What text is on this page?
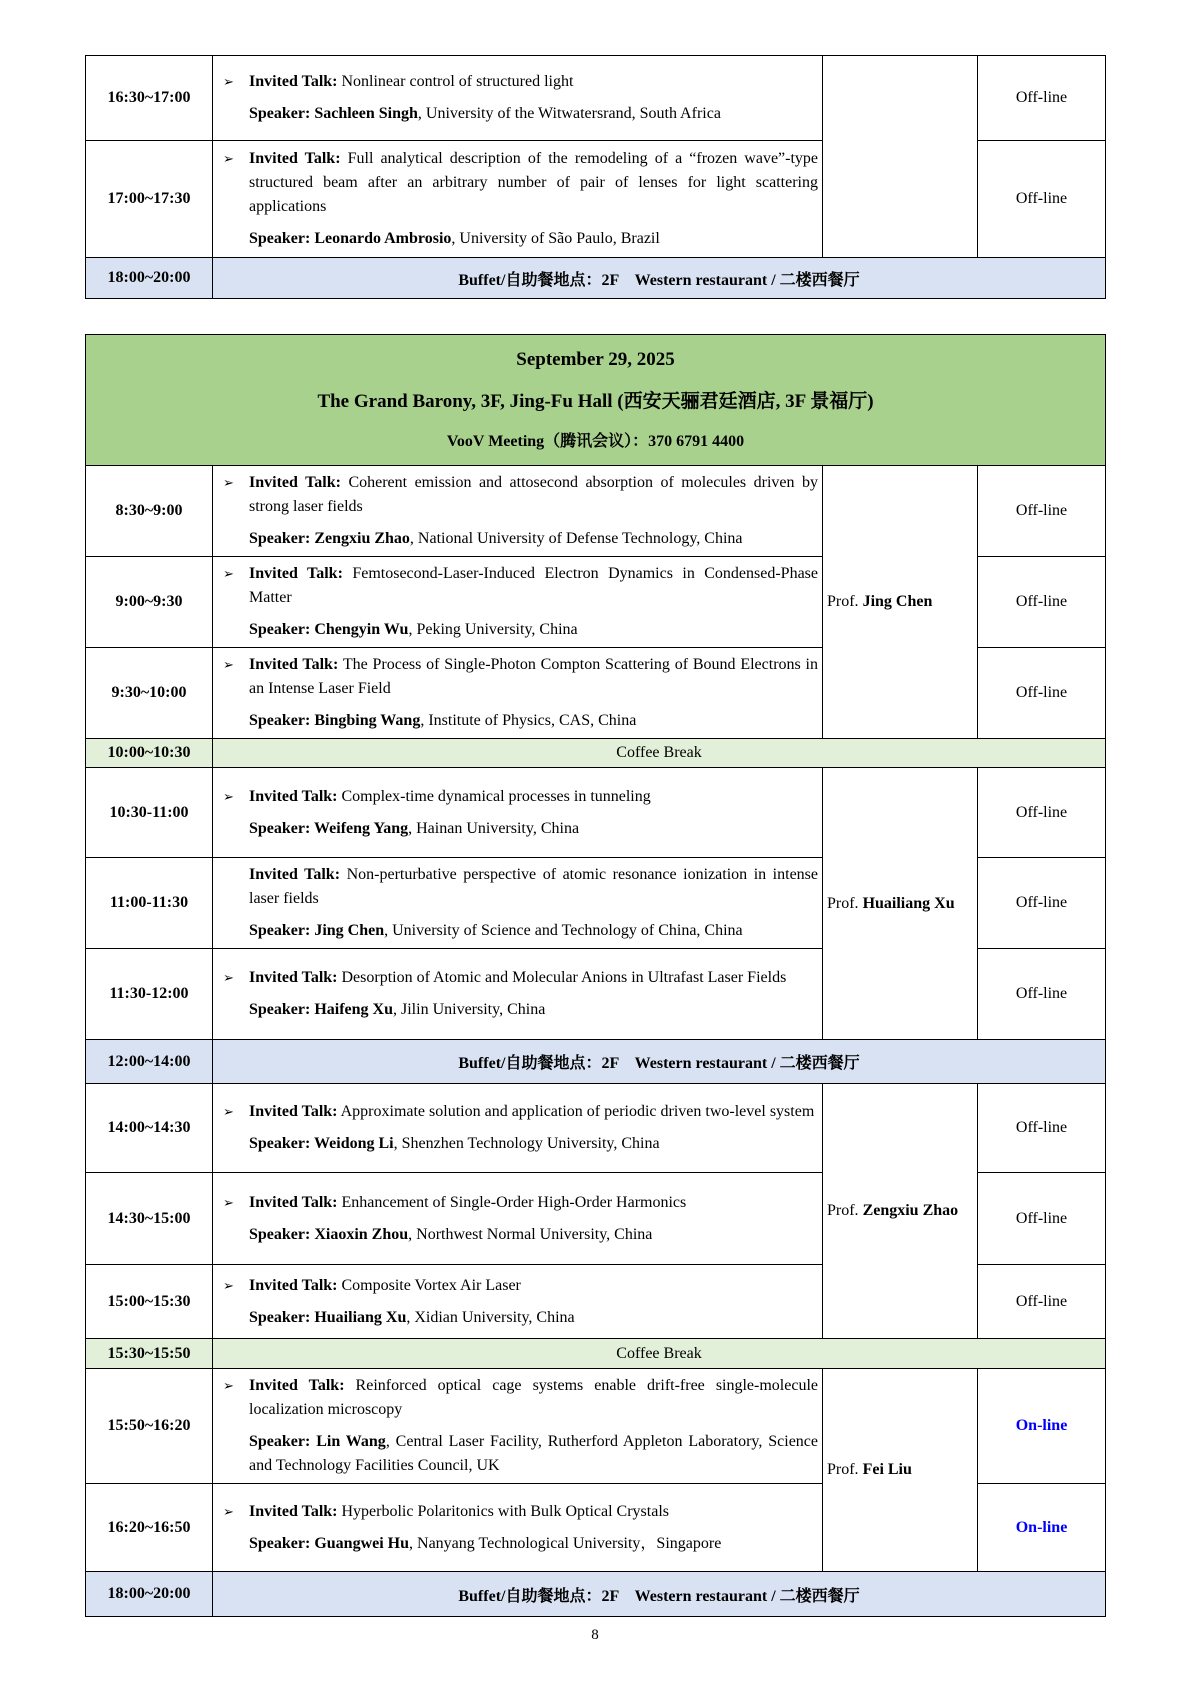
16:30~17:00	➢ Invited Talk: Nonlinear control of structured light

Speaker: Sachleen Singh, University of the Witwatersrand, South Africa		Off-line
17:00~17:30	➢ Invited Talk: Full analytical description of the remodeling of a “frozen wave”-type structured beam after an arbitrary number of pair of lenses for light scattering applications

Speaker: Leonardo Ambrosio, University of São Paulo, Brazil		Off-line
18:00~20:00	Buffet/自助餐地点：2F　Western restaurant / 二楼西餐厅		

September 29, 2025

The Grand Barony, 3F, Jing-Fu Hall (西安天骊君廷酒店, 3F 景福厅)

VooV Meeting（腾讯会议）：370 6791 4400			

8:30~9:00	➢ Invited Talk: Coherent emission and attosecond absorption of molecules driven by strong laser fields

Speaker: Zengxiu Zhao, National University of Defense Technology, China	Prof. Jing Chen	Off-line
9:00~9:30	➢ Invited Talk: Femtosecond-Laser-Induced Electron Dynamics in Condensed-Phase Matter

Speaker: Chengyin Wu, Peking University, China		Off-line
9:30~10:00	➢ Invited Talk: The Process of Single-Photon Compton Scattering of Bound Electrons in an Intense Laser Field

Speaker: Bingbing Wang, Institute of Physics, CAS, China		Off-line
10:00~10:30	Coffee Break		
10:30-11:00	➢ Invited Talk: Complex-time dynamical processes in tunneling

Speaker: Weifeng Yang, Hainan University, China	Prof. Huailiang Xu	Off-line
11:00-11:30	Invited Talk: Non-perturbative perspective of atomic resonance ionization in intense laser fields

Speaker: Jing Chen, University of Science and Technology of China, China		Off-line
11:30-12:00	➢ Invited Talk: Desorption of Atomic and Molecular Anions in Ultrafast Laser Fields

Speaker: Haifeng Xu, Jilin University, China		Off-line
12:00~14:00	Buffet/自助餐地点：2F　Western restaurant / 二楼西餐厅		
14:00~14:30	➢ Invited Talk: Approximate solution and application of periodic driven two-level system

Speaker: Weidong Li, Shenzhen Technology University, China	Prof. Zengxiu Zhao	Off-line
14:30~15:00	➢ Invited Talk: Enhancement of Single-Order High-Order Harmonics

Speaker: Xiaoxin Zhou, Northwest Normal University, China		Off-line
15:00~15:30	➢ Invited Talk: Composite Vortex Air Laser

Speaker: Huailiang Xu, Xidian University, China		Off-line
15:30~15:50	Coffee Break		
15:50~16:20	➢ Invited Talk: Reinforced optical cage systems enable drift-free single-molecule localization microscopy

Speaker: Lin Wang, Central Laser Facility, Rutherford Appleton Laboratory, Science and Technology Facilities Council, UK	Prof. Fei Liu	On-line
16:20~16:50	➢ Invited Talk: Hyperbolic Polaritonics with Bulk Optical Crystals

Speaker: Guangwei Hu, Nanyang Technological University，Singapore		On-line
18:00~20:00	Buffet/自助餐地点：2F　Western restaurant / 二楼西餐厅		
8
